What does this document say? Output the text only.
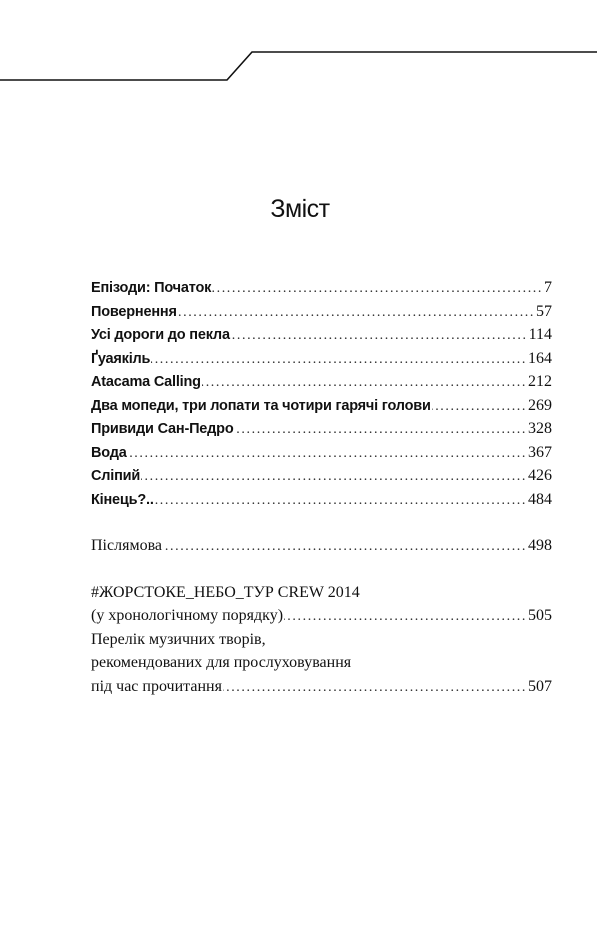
Зміст
Епізоди: Початок .....	7
Повернення .....	57
Усі дороги до пекла .....	114
Ґуаякіль .....	164
Atacama Calling .....	212
Два мопеди, три лопати та чотири гарячі голови .....	269
Привиди Сан-Педро .....	328
Вода .....	367
Сліпий .....	426
Кінець?.. .....	484
Післямова .....	498
#ЖОРСТОКЕ_НЕБО_ТУР CREW 2014
(у хронологічному порядку) .....	505
Перелік музичних творів,
рекомендованих для прослуховування
під час прочитання .....	507
